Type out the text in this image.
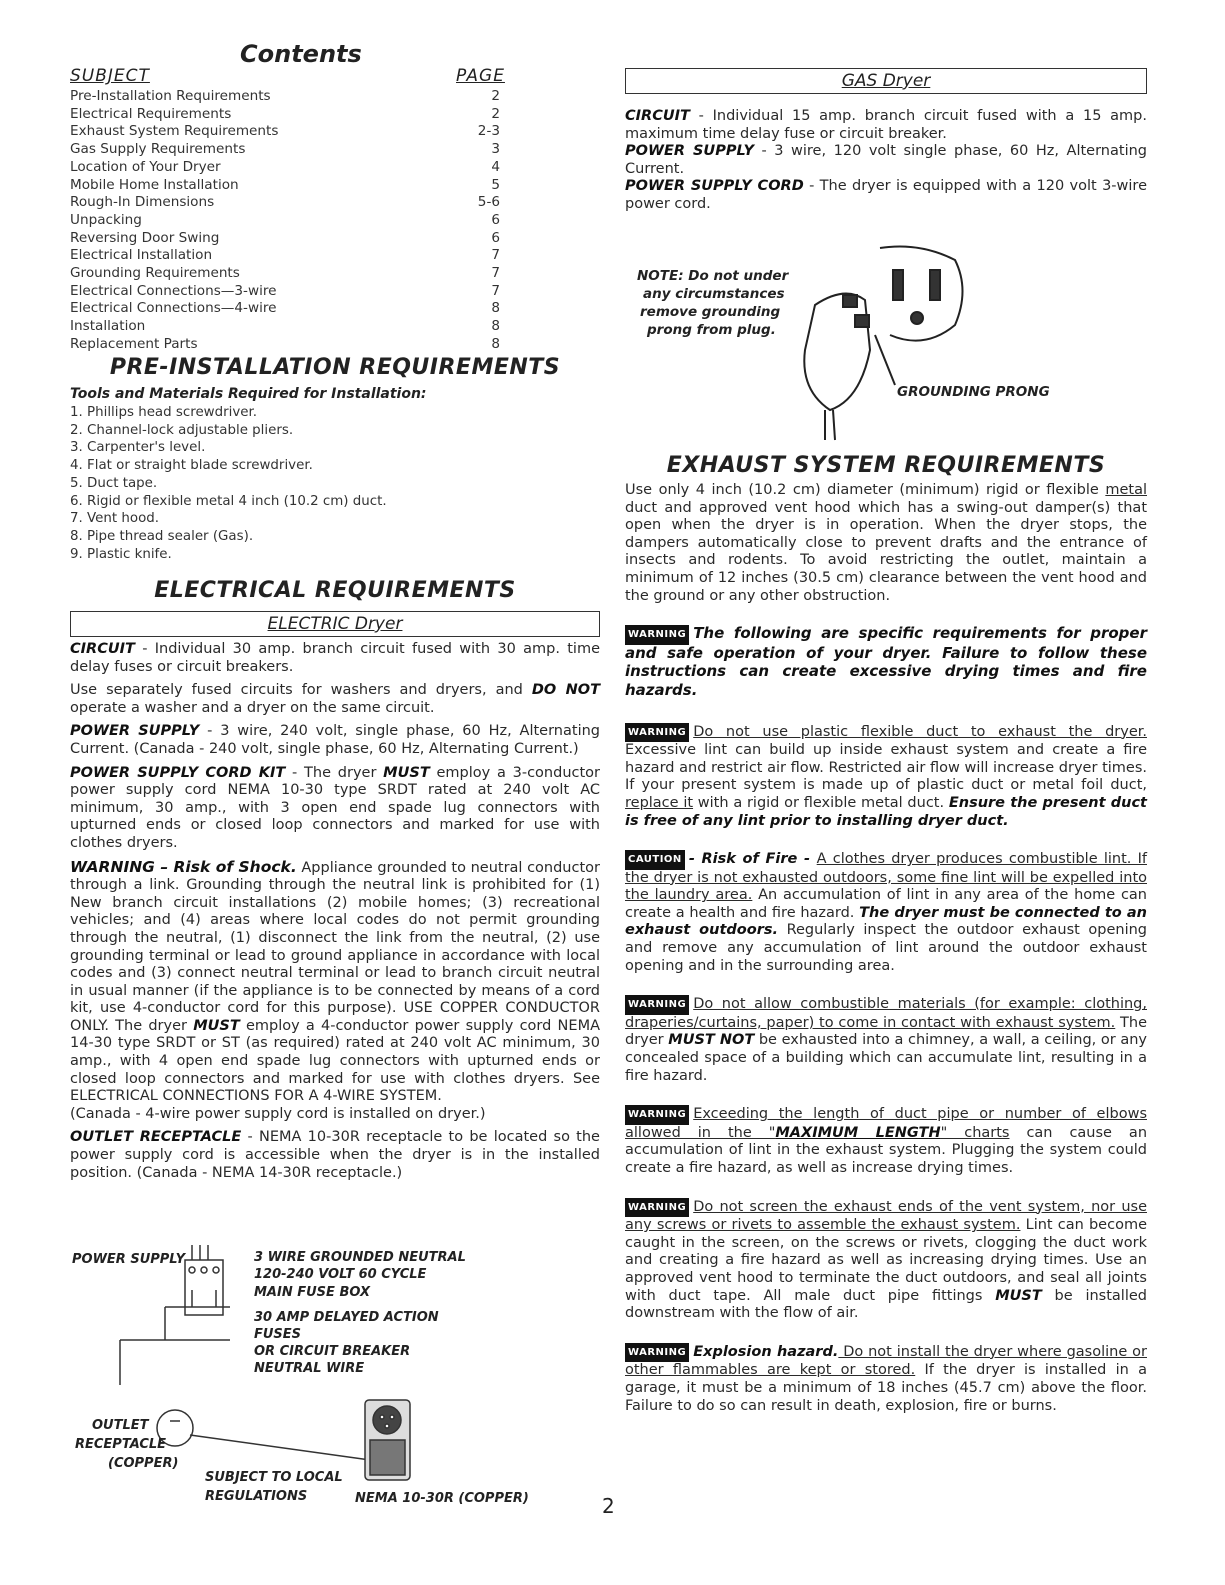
Contents
SUBJECT	PAGE
Pre-Installation Requirements	2
Electrical Requirements	2
Exhaust System Requirements	2-3
Gas Supply Requirements	3
Location of Your Dryer	4
Mobile Home Installation	5
Rough-In Dimensions	5-6
Unpacking	6
Reversing Door Swing	6
Electrical Installation	7
Grounding Requirements	7
Electrical Connections—3-wire	7
Electrical Connections—4-wire	8
Installation	8
Replacement Parts	8
PRE-INSTALLATION REQUIREMENTS
Tools and Materials Required for Installation:
1. Phillips head screwdriver.
2. Channel-lock adjustable pliers.
3. Carpenter's level.
4. Flat or straight blade screwdriver.
5. Duct tape.
6. Rigid or flexible metal 4 inch (10.2 cm) duct.
7. Vent hood.
8. Pipe thread sealer (Gas).
9. Plastic knife.
ELECTRICAL REQUIREMENTS
ELECTRIC Dryer

CIRCUIT - Individual 30 amp. branch circuit fused with 30 amp. time delay fuses or circuit breakers.

Use separately fused circuits for washers and dryers, and DO NOT operate a washer and a dryer on the same circuit.

POWER SUPPLY - 3 wire, 240 volt, single phase, 60 Hz, Alternating Current. (Canada - 240 volt, single phase, 60 Hz, Alternating Current.)

POWER SUPPLY CORD KIT - The dryer MUST employ a 3-conductor power supply cord NEMA 10-30 type SRDT rated at 240 volt AC minimum, 30 amp., with 3 open end spade lug connectors with upturned ends or closed loop connectors and marked for use with clothes dryers.

WARNING – Risk of Shock. Appliance grounded to neutral conductor through a link. Grounding through the neutral link is prohibited for (1) New branch circuit installations (2) mobile homes; (3) recreational vehicles; and (4) areas where local codes do not permit grounding through the neutral, (1) disconnect the link from the neutral, (2) use grounding terminal or lead to ground appliance in accordance with local codes and (3) connect neutral terminal or lead to branch circuit neutral in usual manner (if the appliance is to be connected by means of a cord kit, use 4-conductor cord for this purpose). USE COPPER CONDUCTOR ONLY. The dryer MUST employ a 4-conductor power supply cord NEMA 14-30 type SRDT or ST (as required) rated at 240 volt AC minimum, 30 amp., with 4 open end spade lug connectors with upturned ends or closed loop connectors and marked for use with clothes dryers. See ELECTRICAL CONNECTIONS FOR A 4-WIRE SYSTEM.

(Canada - 4-wire power supply cord is installed on dryer.)

OUTLET RECEPTACLE - NEMA 10-30R receptacle to be located so the power supply cord is accessible when the dryer is in the installed position. (Canada - NEMA 14-30R receptacle.)

POWER SUPPLY	3 WIRE GROUNDED NEUTRAL
120-240 VOLT 60 CYCLE
MAIN FUSE BOX
30 AMP DELAYED ACTION
FUSES
OR CIRCUIT BREAKER
NEUTRAL WIRE
OUTLET
RECEPTACLE
(COPPER)
SUBJECT TO LOCAL
REGULATIONS	NEMA 10-30R (COPPER)
GAS Dryer

CIRCUIT - Individual 15 amp. branch circuit fused with a 15 amp. maximum time delay fuse or circuit breaker.

POWER SUPPLY - 3 wire, 120 volt single phase, 60 Hz, Alternating Current.

POWER SUPPLY CORD - The dryer is equipped with a 120 volt 3-wire power cord.

NOTE: Do not under
any circumstances
remove grounding
prong from plug.
GROUNDING PRONG
EXHAUST SYSTEM REQUIREMENTS

Use only 4 inch (10.2 cm) diameter (minimum) rigid or flexible metal duct and approved vent hood which has a swing-out damper(s) that open when the dryer is in operation. When the dryer stops, the dampers automatically close to prevent drafts and the entrance of insects and rodents. To avoid restricting the outlet, maintain a minimum of 12 inches (30.5 cm) clearance between the vent hood and the ground or any other obstruction.

WARNING The following are specific requirements for proper and safe operation of your dryer. Failure to follow these instructions can create excessive drying times and fire hazards.

WARNING Do not use plastic flexible duct to exhaust the dryer. Excessive lint can build up inside exhaust system and create a fire hazard and restrict air flow. Restricted air flow will increase dryer times. If your present system is made up of plastic duct or metal foil duct, replace it with a rigid or flexible metal duct. Ensure the present duct is free of any lint prior to installing dryer duct.

CAUTION - Risk of Fire - A clothes dryer produces combustible lint. If the dryer is not exhausted outdoors, some fine lint will be expelled into the laundry area. An accumulation of lint in any area of the home can create a health and fire hazard. The dryer must be connected to an exhaust outdoors. Regularly inspect the outdoor exhaust opening and remove any accumulation of lint around the outdoor exhaust opening and in the surrounding area.

WARNING Do not allow combustible materials (for example: clothing, draperies/curtains, paper) to come in contact with exhaust system. The dryer MUST NOT be exhausted into a chimney, a wall, a ceiling, or any concealed space of a building which can accumulate lint, resulting in a fire hazard.

WARNING Exceeding the length of duct pipe or number of elbows allowed in the "MAXIMUM LENGTH" charts can cause an accumulation of lint in the exhaust system. Plugging the system could create a fire hazard, as well as increase drying times.

WARNING Do not screen the exhaust ends of the vent system, nor use any screws or rivets to assemble the exhaust system. Lint can become caught in the screen, on the screws or rivets, clogging the duct work and creating a fire hazard as well as increasing drying times. Use an approved vent hood to terminate the duct outdoors, and seal all joints with duct tape. All male duct pipe fittings MUST be installed downstream with the flow of air.

WARNING Explosion hazard. Do not install the dryer where gasoline or other flammables are kept or stored. If the dryer is installed in a garage, it must be a minimum of 18 inches (45.7 cm) above the floor. Failure to do so can result in death, explosion, fire or burns.

2
